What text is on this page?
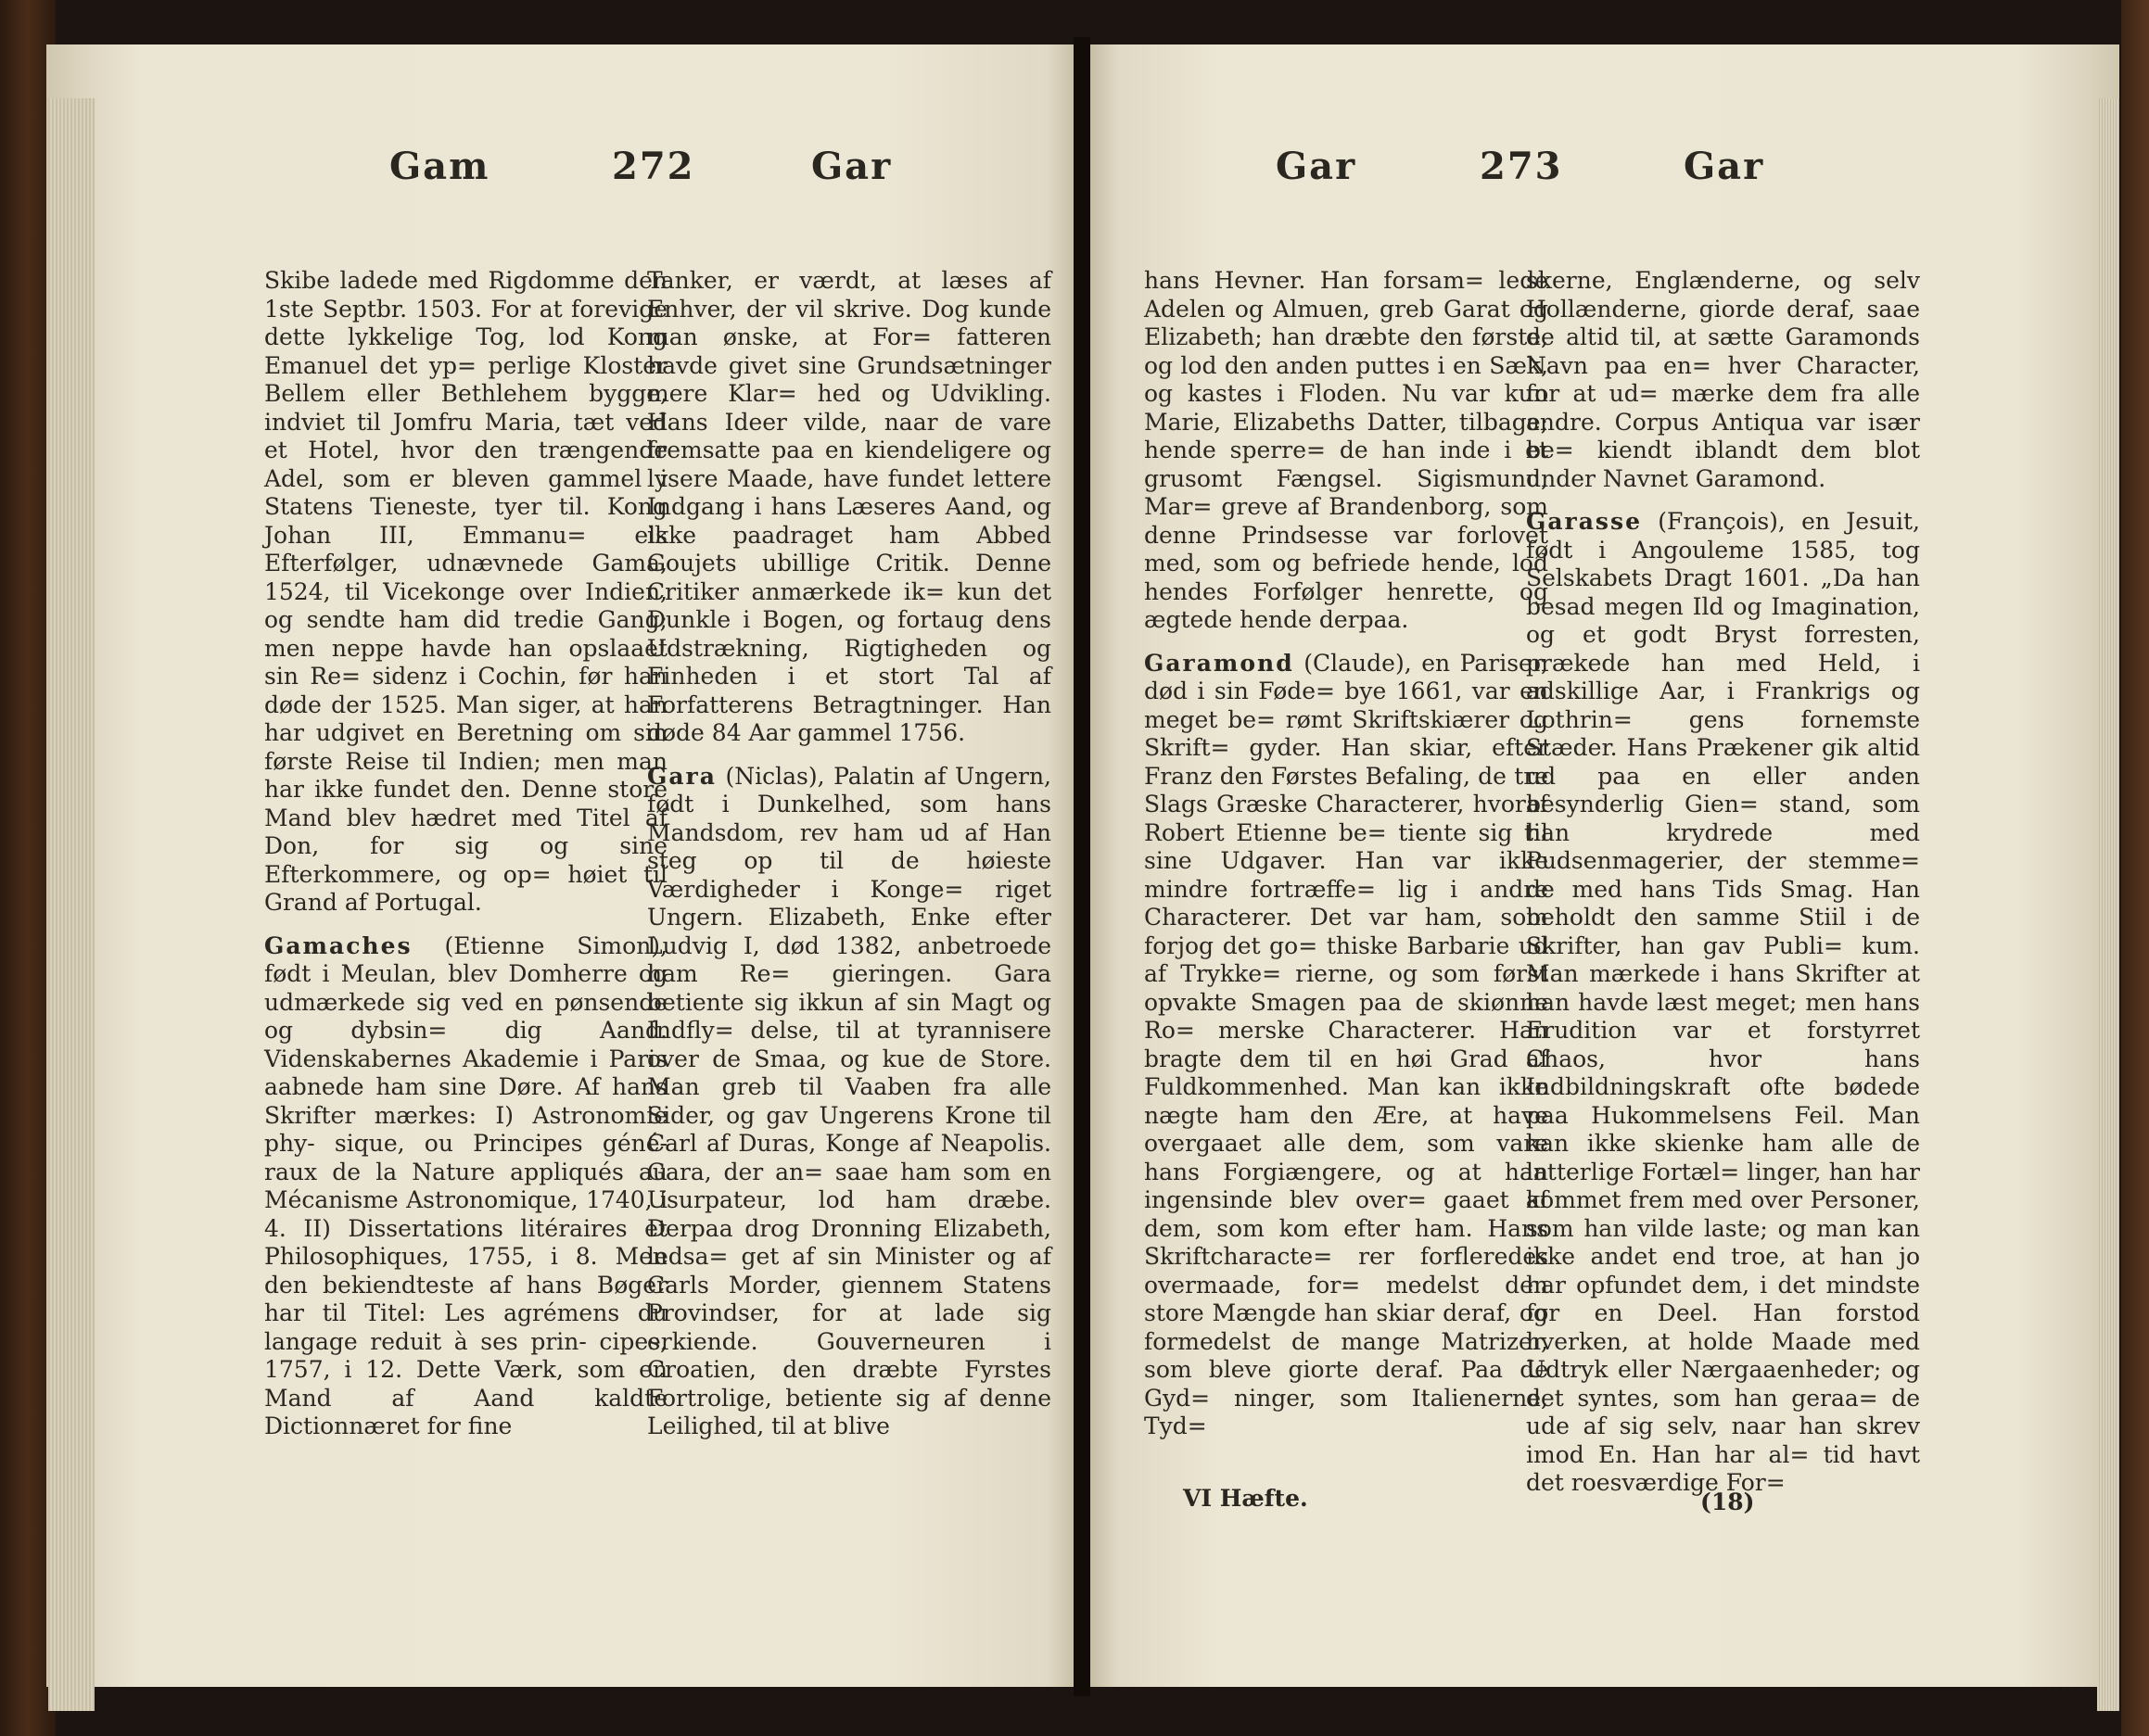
Gam	272	Gar

Skibe ladede med Rigdomme den 1ste Septbr. 1503. For at forevige dette lykkelige Tog, lod Kong Emanuel det yp= perlige Kloster Bellem eller Bethlehem bygge, indviet til Jomfru Maria, tæt ved et Hotel, hvor den trængende Adel, som er bleven gammel i Statens Tieneste, tyer til. Kong Johan III, Emmanu= els Efterfølger, udnævnede Gama, 1524, til Vicekonge over Indien, og sendte ham did tredie Gang; men neppe havde han opslaaet sin Re= sidenz i Cochin, før han døde der 1525. Man siger, at han har udgivet en Beretning om sin første Reise til Indien; men man har ikke fundet den. Denne store Mand blev hædret med Titel af Don, for sig og sine Efterkommere, og op= høiet til Grand af Portugal.

Gamaches (Etienne Simon), født i Meulan, blev Domherre og udmærkede sig ved en pønsende og dybsin= dig Aand. Videnskabernes Akademie i Paris aabnede ham sine Døre. Af hans Skrifter mærkes: I) Astronomie phy- sique, ou Principes géné- raux de la Nature appliqués au Mécanisme Astronomique, 1740, i 4. II) Dissertations litéraires et Philosophiques, 1755, i 8. Men den bekiendteste af hans Bøger har til Titel: Les agrémens du langage reduit à ses prin- cipes, 1757, i 12. Dette Værk, som en Mand af Aand kaldte Dictionnæret for fine

Tanker, er værdt, at læses af Enhver, der vil skrive. Dog kunde man ønske, at For= fatteren havde givet sine Grundsætninger mere Klar= hed og Udvikling. Hans Ideer vilde, naar de vare fremsatte paa en kiendeligere og lysere Maade, have fundet lettere Indgang i hans Læseres Aand, og ikke paadraget ham Abbed Goujets ubillige Critik. Denne Critiker anmærkede ik= kun det Dunkle i Bogen, og fortaug dens Udstrækning, Rigtigheden og Finheden i et stort Tal af Forfatterens Betragtninger. Han døde 84 Aar gammel 1756.

Gara (Niclas), Palatin af Ungern, født i Dunkelhed, som hans Mandsdom, rev ham ud af Han steg op til de høieste Værdigheder i Konge= riget Ungern. Elizabeth, Enke efter Ludvig I, død 1382, anbetroede ham Re= gieringen. Gara betiente sig ikkun af sin Magt og Indfly= delse, til at tyrannisere over de Smaa, og kue de Store. Man greb til Vaaben fra alle Sider, og gav Ungerens Krone til Carl af Duras, Konge af Neapolis. Gara, der an= saae ham som en Usurpateur, lod ham dræbe. Derpaa drog Dronning Elizabeth, ledsa= get af sin Minister og af Carls Morder, giennem Statens Provindser, for at lade sig erkiende. Gouverneuren i Croatien, den dræbte Fyrstes Fortrolige, betiente sig af denne Leilighed, til at blive

Gar	273	Gar

hans Hevner. Han forsam= lede Adelen og Almuen, greb Garat og Elizabeth; han dræbte den første, og lod den anden puttes i en Sæk, og kastes i Floden. Nu var kun Marie, Elizabeths Datter, tilbage; hende sperre= de han inde i et grusomt Fængsel. Sigismund, Mar= greve af Brandenborg, som denne Prindsesse var forlovet med, som og befriede hende, lod hendes Forfølger henrette, og ægtede hende derpaa.

Garamond (Claude), en Pariser, død i sin Føde= bye 1661, var en meget be= rømt Skriftskiærer og Skrift= gyder. Han skiar, efter Franz den Førstes Befaling, de tre Slags Græske Characterer, hvoraf Robert Etienne be= tiente sig til sine Udgaver. Han var ikke mindre fortræffe= lig i andre Characterer. Det var ham, som forjog det go= thiske Barbarie ud af Trykke= rierne, og som først opvakte Smagen paa de skiønne Ro= merske Characterer. Han bragte dem til en høi Grad af Fuldkommenhed. Man kan ikke nægte ham den Ære, at have overgaaet alle dem, som vare hans Forgiængere, og at han ingensinde blev over= gaaet af dem, som kom efter ham. Hans Skriftcharacte= rer forfleredes overmaade, for= medelst den store Mængde han skiar deraf, og formedelst de mange Matrizer, som bleve giorte deraf. Paa de Gyd= ninger, som Italienerne, Tyd=

skerne, Englænderne, og selv Hollænderne, giorde deraf, saae de altid til, at sætte Garamonds Navn paa en= hver Character, for at ud= mærke dem fra alle andre. Corpus Antiqua var især be= kiendt iblandt dem blot under Navnet Garamond.

Garasse (François), en Jesuit, født i Angouleme 1585, tog Selskabets Dragt 1601. „Da han besad megen Ild og Imagination, og et godt Bryst forresten, prækede han med Held, i adskillige Aar, i Frankrigs og Lothrin= gens fornemste Stæder. Hans Prækener gik altid ud paa en eller anden besynderlig Gien= stand, som han krydrede med Pudsenmagerier, der stemme= de med hans Tids Smag. Han beholdt den samme Stiil i de Skrifter, han gav Publi= kum. Man mærkede i hans Skrifter at han havde læst meget; men hans Erudition var et forstyrret Chaos, hvor hans Indbildningskraft ofte bødede paa Hukommelsens Feil. Man kan ikke skienke ham alle de latterlige Fortæl= linger, han har kommet frem med over Personer, som han vilde laste; og man kan ikke andet end troe, at han jo har opfundet dem, i det mindste for en Deel. Han forstod hverken, at holde Maade med Udtryk eller Nærgaaenheder; og det syntes, som han geraa= de ude af sig selv, naar han skrev imod En. Han har al= tid havt det roesværdige For=

VI Hæfte.	(18)
